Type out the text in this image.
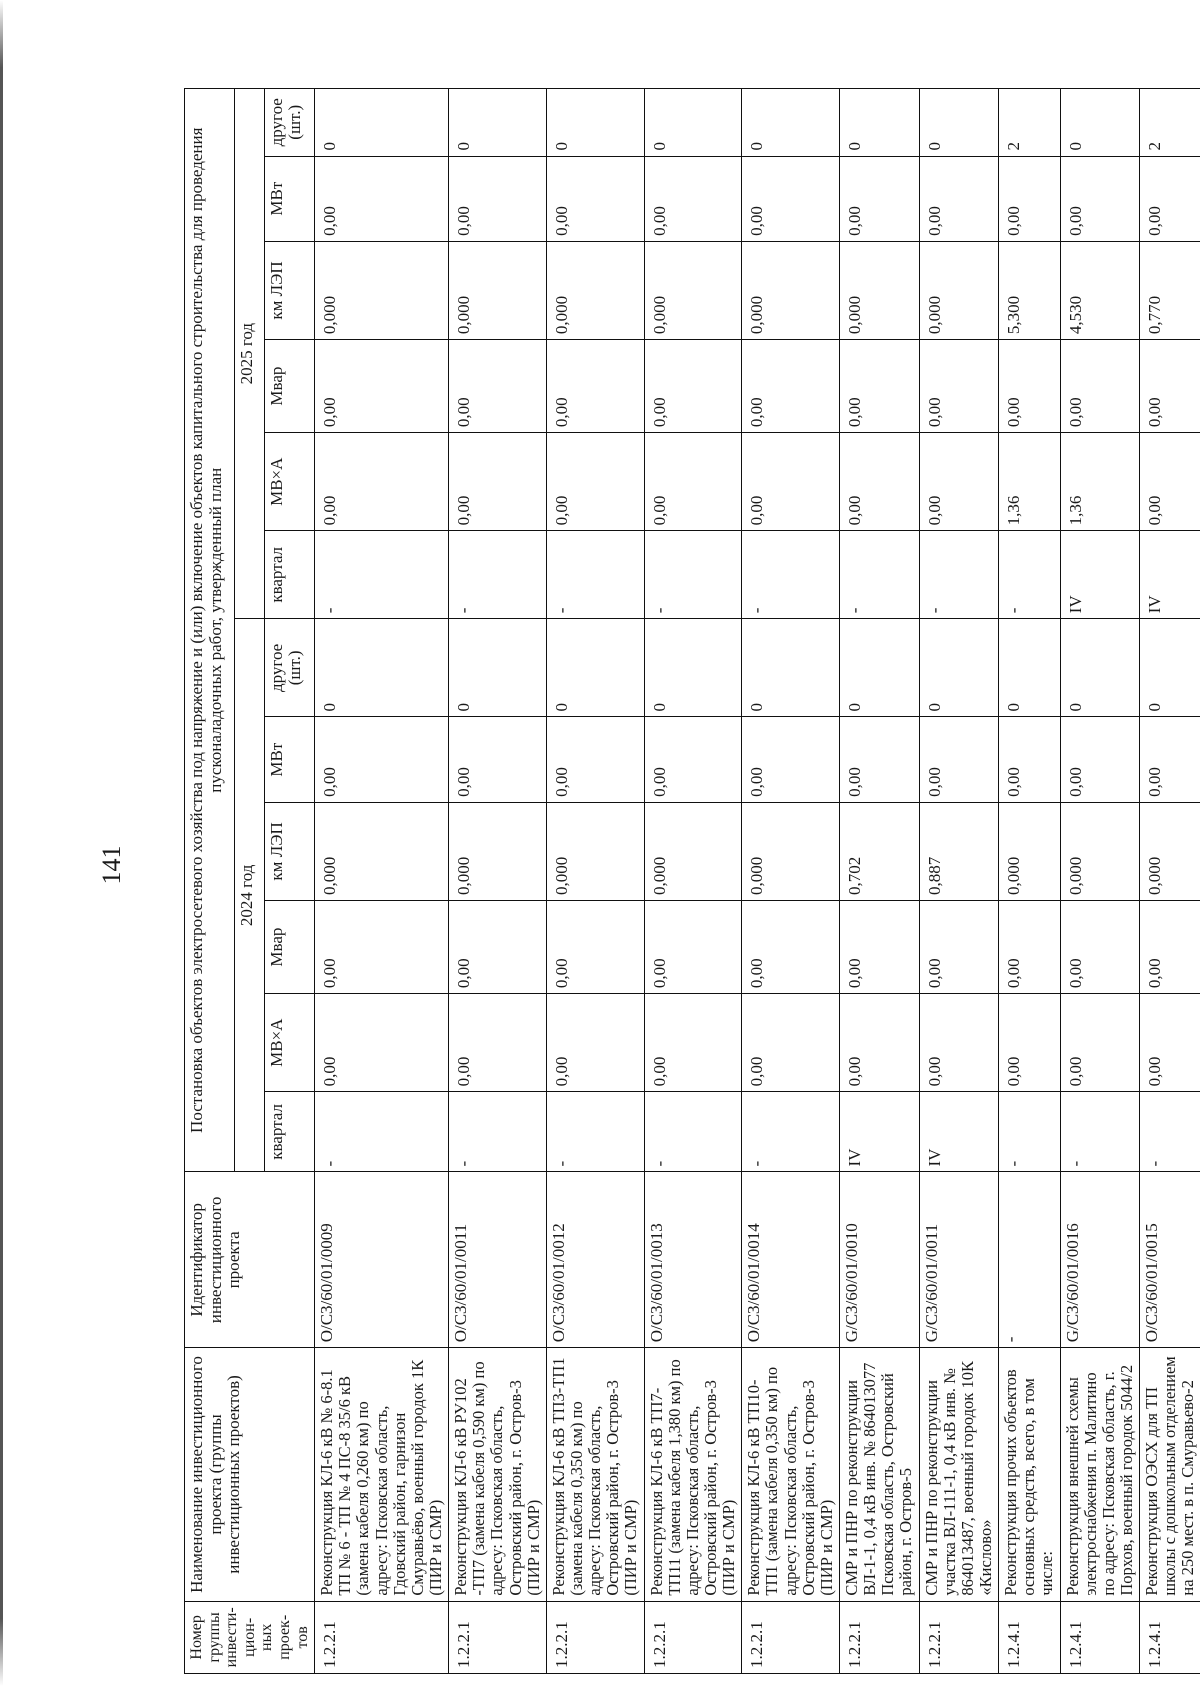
141
Номер группы инвести-цион-ных проек-тов	Наименование инвестиционного проекта (группы инвестиционных проектов)	Идентификатор инвестиционного проекта	Постановка объектов электросетевого хозяйства под напряжение и (или) включение объектов капитального строительства для проведения пусконаладочных работ, утвержденный план											
			2024 год						2025 год					
			квартал	МВ×А	Мвар	км ЛЭП	МВт	другое (шт.)	квартал	МВ×А	Мвар	км ЛЭП	МВт	другое (шт.)
1.2.2.1	Реконструкция КЛ-6 кВ № 6-8.1 ТП № 6 - ТП № 4 ПС-8 35/6 кВ (замена кабеля 0,260 км) по адресу: Псковская область, Гдовский район, гарнизон Смуравьёво, военный городок 1К (ПИР и СМР)	O/C3/60/01/0009	-	0,00	0,00	0,000	0,00	0	-	0,00	0,00	0,000	0,00	0
1.2.2.1	Реконструкция КЛ-6 кВ РУ102 -ТП7 (замена кабеля 0,590 км) по адресу: Псковская область, Островский район, г. Остров-3 (ПИР и СМР)	O/C3/60/01/0011	-	0,00	0,00	0,000	0,00	0	-	0,00	0,00	0,000	0,00	0
1.2.2.1	Реконструкция КЛ-6 кВ ТП3-ТП1 (замена кабеля 0,350 км) по адресу: Псковская область, Островский район, г. Остров-3 (ПИР и СМР)	O/C3/60/01/0012	-	0,00	0,00	0,000	0,00	0	-	0,00	0,00	0,000	0,00	0
1.2.2.1	Реконструкция КЛ-6 кВ ТП7-ТП11 (замена кабеля 1,380 км) по адресу: Псковская область, Островский район, г. Остров-3 (ПИР и СМР)	O/C3/60/01/0013	-	0,00	0,00	0,000	0,00	0	-	0,00	0,00	0,000	0,00	0
1.2.2.1	Реконструкция КЛ-6 кВ ТП10-ТП1 (замена кабеля 0,350 км) по адресу: Псковская область, Островский район, г. Остров-3 (ПИР и СМР)	O/C3/60/01/0014	-	0,00	0,00	0,000	0,00	0	-	0,00	0,00	0,000	0,00	0
1.2.2.1	СМР и ПНР по реконструкции ВЛ-1-1, 0,4 кВ инв. № 864013077 Псковская область, Островский район, г. Остров-5	G/C3/60/01/0010	IV	0,00	0,00	0,702	0,00	0	-	0,00	0,00	0,000	0,00	0
1.2.2.1	СМР и ПНР по реконструкции участка ВЛ-111-1, 0,4 кВ инв. № 864013487, военный городок 10К «Кислово»	G/C3/60/01/0011	IV	0,00	0,00	0,887	0,00	0	-	0,00	0,00	0,000	0,00	0
1.2.4.1	Реконструкция прочих объектов основных средств, всего, в том числе:	-	-	0,00	0,00	0,000	0,00	0	-	1,36	0,00	5,300	0,00	2
1.2.4.1	Реконструкция внешней схемы электроснабжения п. Малитино по адресу: Псковская область, г. Порхов, военный городок 5044/2	G/C3/60/01/0016	-	0,00	0,00	0,000	0,00	0	IV	1,36	0,00	4,530	0,00	0
1.2.4.1	Реконструкция ОЭСХ для ТП школы с дошкольным отделением на 250 мест. в п. Смуравьево-2	O/C3/60/01/0015	-	0,00	0,00	0,000	0,00	0	IV	0,00	0,00	0,770	0,00	2
